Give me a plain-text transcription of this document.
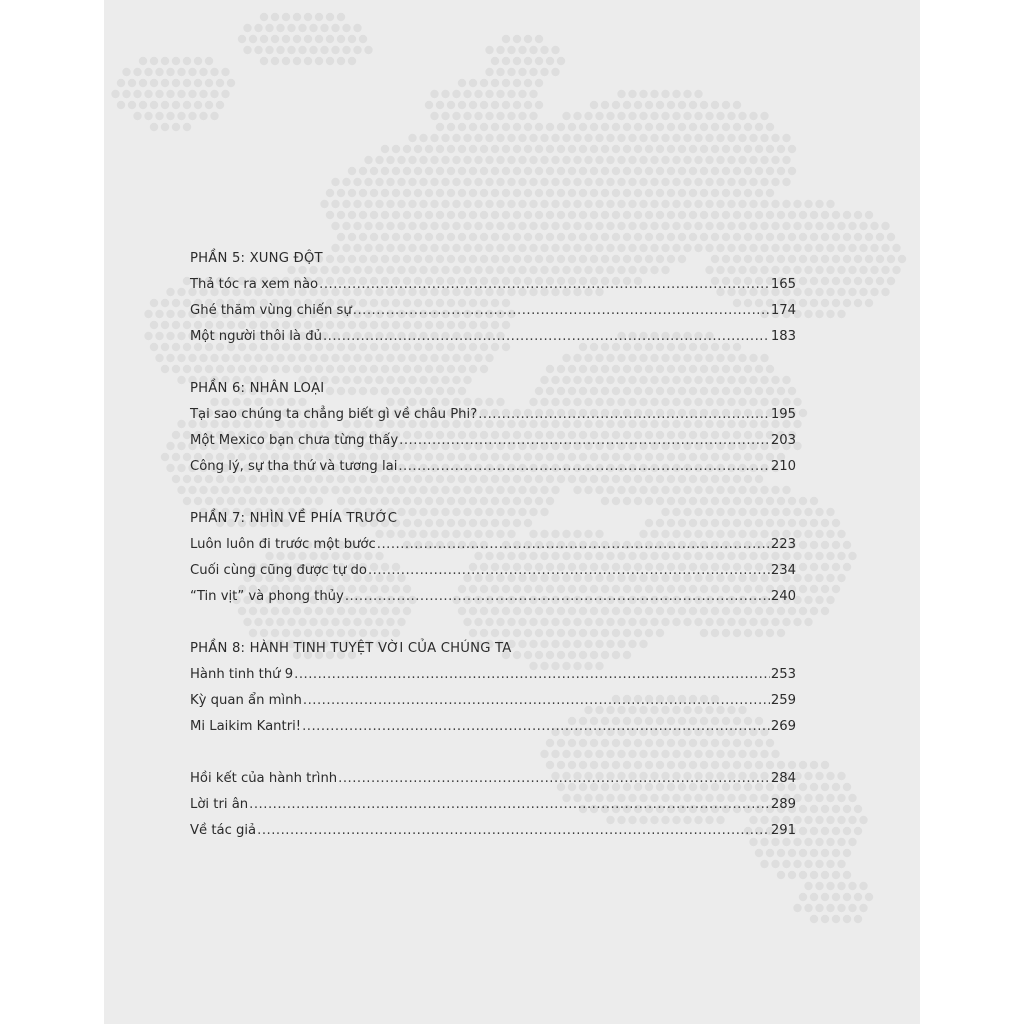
PHẦN 5: XUNG ĐỘT
Thả tóc ra xem nào .....	165
Ghé thăm vùng chiến sự .....	174
Một người thôi là đủ .....	183
PHẦN 6: NHÂN LOẠI
Tại sao chúng ta chẳng biết gì về châu Phi? .....	195
Một Mexico bạn chưa từng thấy .....	203
Công lý, sự tha thứ và tương lai .....	210
PHẦN 7: NHÌN VỀ PHÍA TRƯỚC
Luôn luôn đi trước một bước .....	223
Cuối cùng cũng được tự do .....	234
“Tin vịt” và phong thủy .....	240
PHẦN 8: HÀNH TINH TUYỆT VỜI CỦA CHÚNG TA
Hành tinh thứ 9 .....	253
Kỳ quan ẩn mình .....	259
Mi Laikim Kantri! .....	269
Hồi kết của hành trình .....	284
Lời tri ân .....	289
Về tác giả .....	291
